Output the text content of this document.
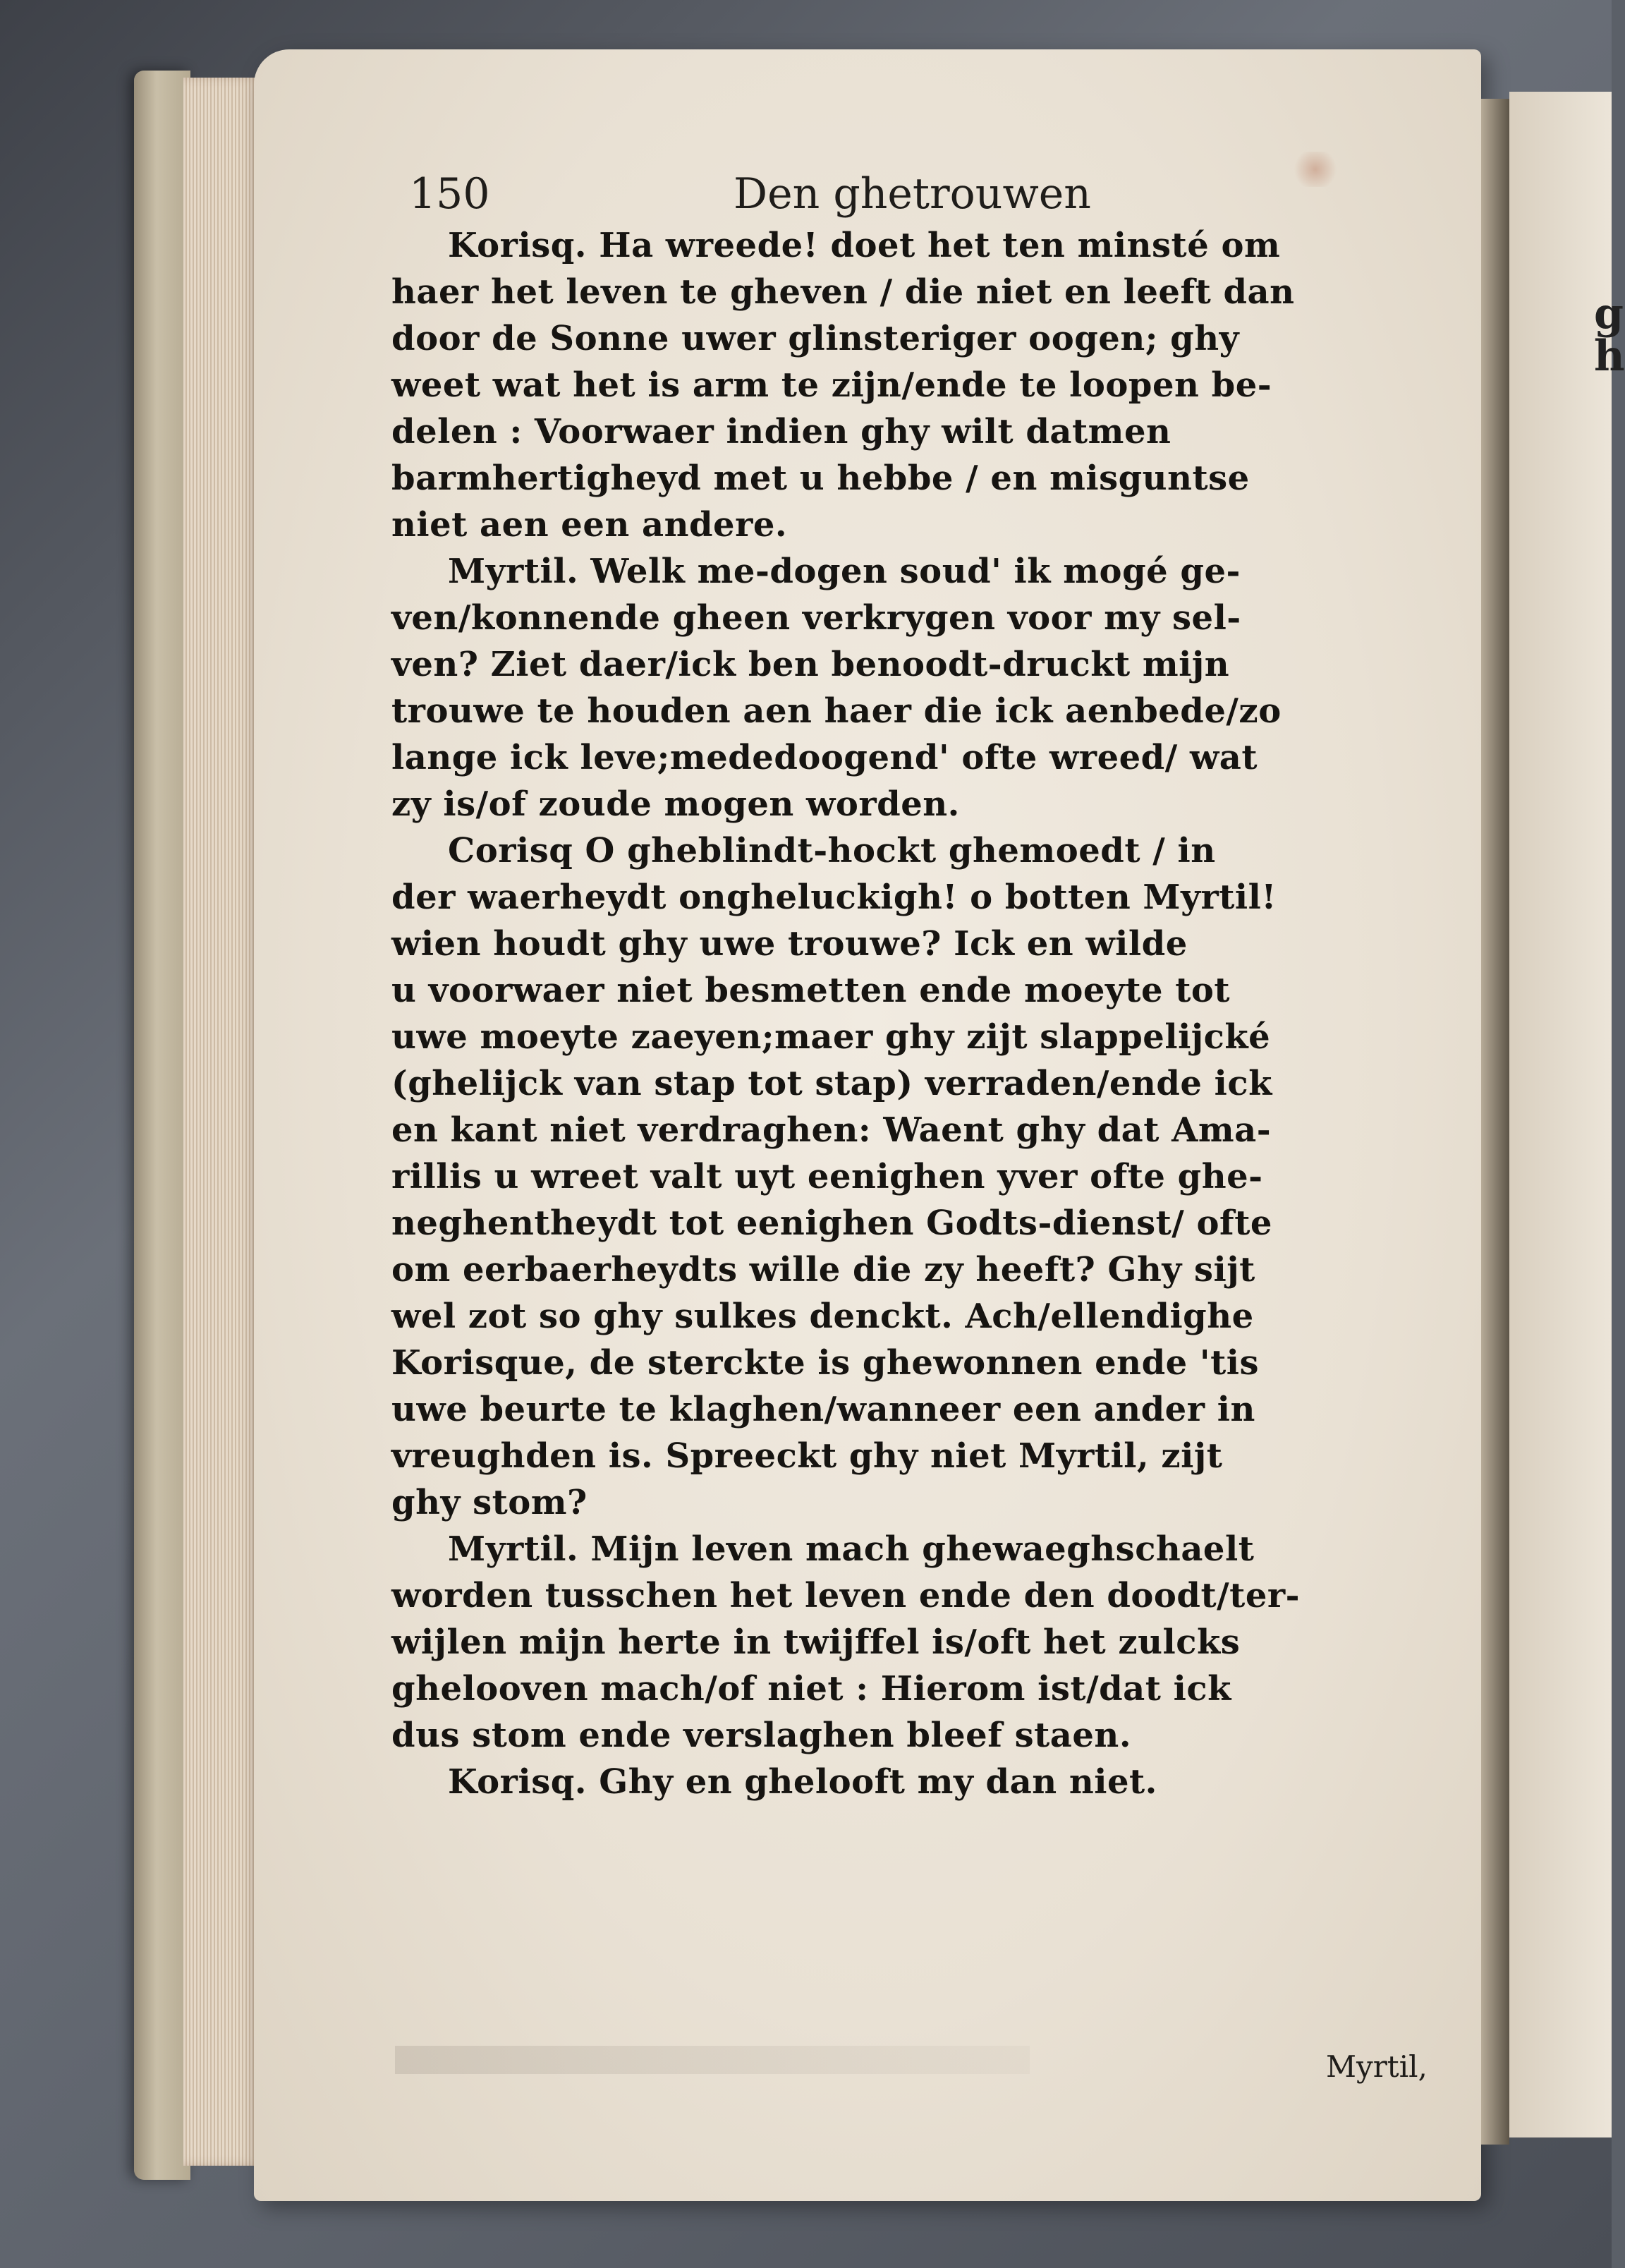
g
h
150	Den ghetrouwen
Korisq. Ha wreede! doet het ten minsté om
haer het leven te gheven / die niet en leeft dan
door de Sonne uwer glinsteriger oogen; ghy
weet wat het is arm te zijn/ende te loopen be-
delen : Voorwaer indien ghy wilt datmen
barmhertigheyd met u hebbe / en misguntse
niet aen een andere.
Myrtil. Welk me-dogen soud' ik mogé ge-
ven/konnende gheen verkrygen voor my sel-
ven? Ziet daer/ick ben benoodt-druckt mijn
trouwe te houden aen haer die ick aenbede/zo
lange ick leve;mededoogend' ofte wreed/ wat
zy is/of zoude mogen worden.
Corisq O gheblindt-hockt ghemoedt / in
der waerheydt ongheluckigh! o botten Myrtil!
wien houdt ghy uwe trouwe? Ick en wilde
u voorwaer niet besmetten ende moeyte tot
uwe moeyte zaeyen;maer ghy zijt slappelijcké
(ghelijck van stap tot stap) verraden/ende ick
en kant niet verdraghen: Waent ghy dat Ama-
rillis u wreet valt uyt eenighen yver ofte ghe-
neghentheydt tot eenighen Godts-dienst/ ofte
om eerbaerheydts wille die zy heeft? Ghy sijt
wel zot so ghy sulkes denckt. Ach/ellendighe
Korisque, de sterckte is ghewonnen ende 'tis
uwe beurte te klaghen/wanneer een ander in
vreughden is. Spreeckt ghy niet Myrtil, zijt
ghy stom?
Myrtil. Mijn leven mach ghewaeghschaelt
worden tusschen het leven ende den doodt/ter-
wijlen mijn herte in twijffel is/oft het zulcks
ghelooven mach/of niet : Hierom ist/dat ick
dus stom ende verslaghen bleef staen.
Korisq. Ghy en ghelooft my dan niet.
Myrtil,
